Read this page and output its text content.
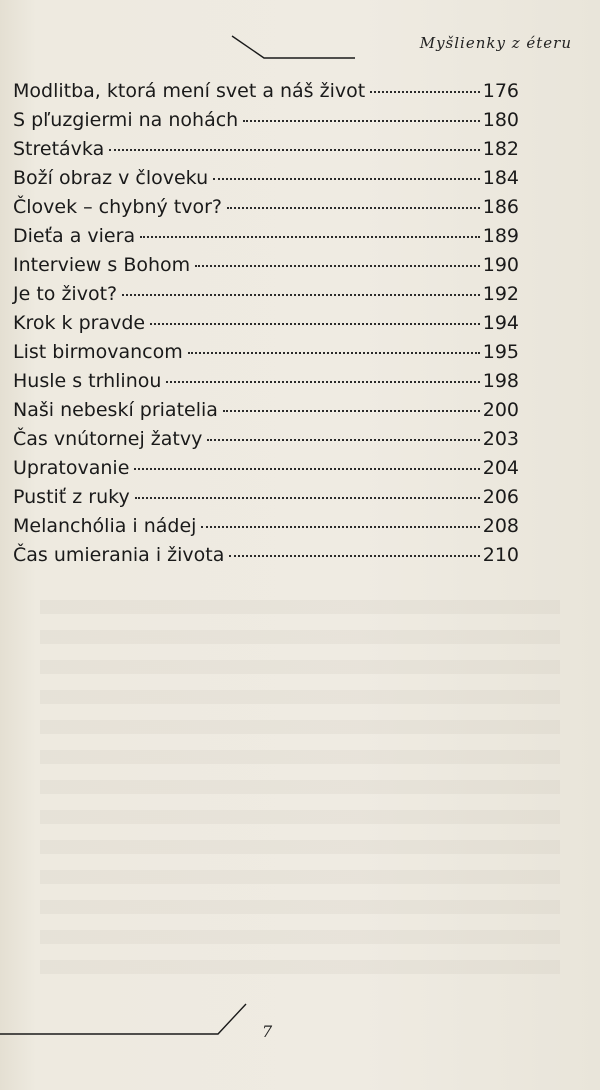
Myšlienky z éteru
Modlitba, ktorá mení svet a náš život	176
S pľuzgiermi na nohách	180
Stretávka	182
Boží obraz v človeku	184
Človek – chybný tvor?	186
Dieťa a viera	189
Interview s Bohom	190
Je to život?	192
Krok k pravde	194
List birmovancom	195
Husle s trhlinou	198
Naši nebeskí priatelia	200
Čas vnútornej žatvy	203
Upratovanie	204
Pustiť z ruky	206
Melanchólia i nádej	208
Čas umierania i života	210
7
